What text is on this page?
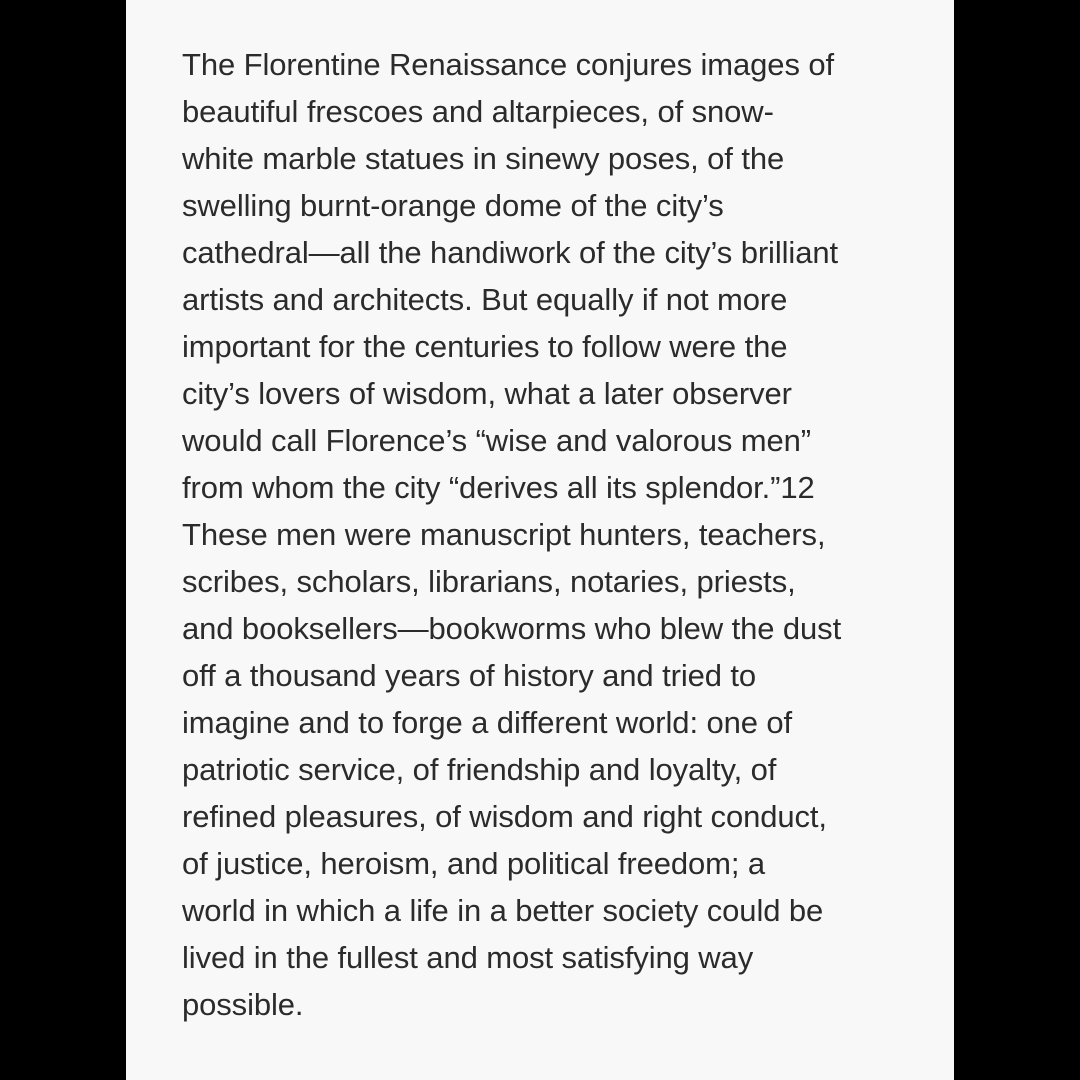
The Florentine Renaissance conjures images of
beautiful frescoes and altarpieces, of snow-
white marble statues in sinewy poses, of the
swelling burnt-orange dome of the city’s
cathedral—all the handiwork of the city’s brilliant
artists and architects. But equally if not more
important for the centuries to follow were the
city’s lovers of wisdom, what a later observer
would call Florence’s “wise and valorous men”
from whom the city “derives all its splendor.”12
These men were manuscript hunters, teachers,
scribes, scholars, librarians, notaries, priests,
and booksellers—bookworms who blew the dust
off a thousand years of history and tried to
imagine and to forge a different world: one of
patriotic service, of friendship and loyalty, of
refined pleasures, of wisdom and right conduct,
of justice, heroism, and political freedom; a
world in which a life in a better society could be
lived in the fullest and most satisfying way
possible.
